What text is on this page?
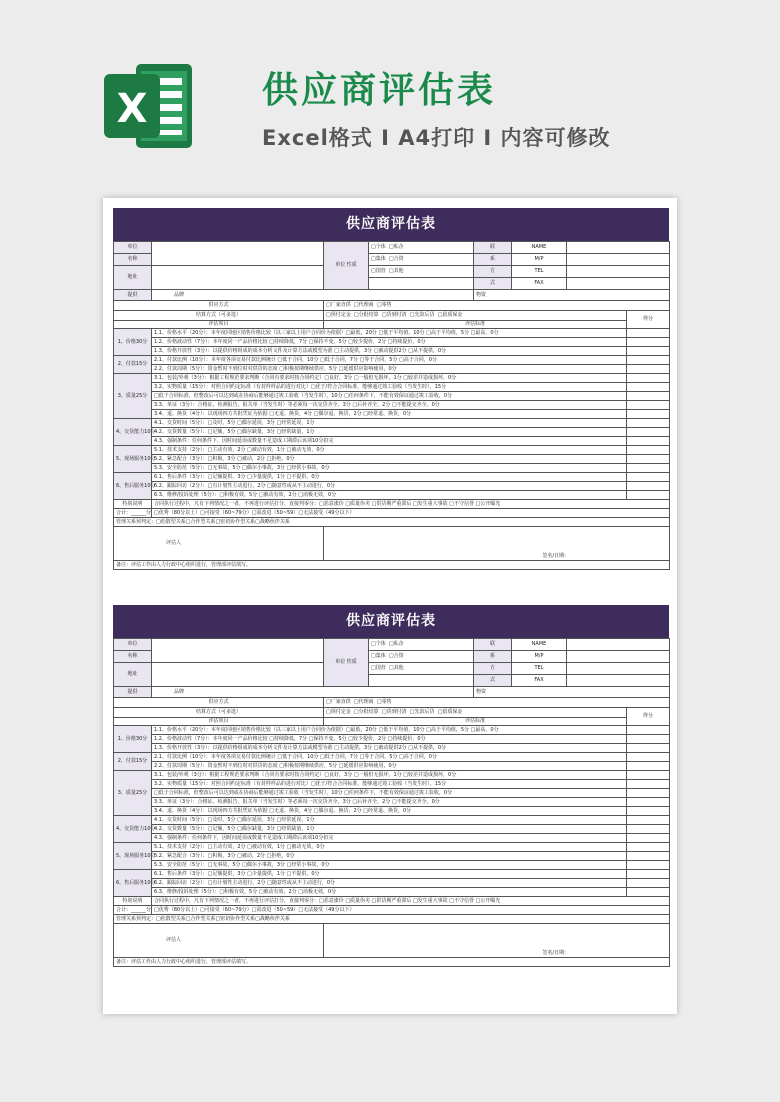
X	供应商评估表
Excel格式 I A4打印 I 内容可修改
供应商评估表
单位		单位 性质	□个体 □私企	联	NAME		
名称			□集体 □合资	系	M/P		
地址			□国营 □其他	方	TEL		
				式	FAX		
提供	品牌			物资			
供应方式		□厂家直供 □代理商 □零售					
结算方式（可多选）		□预付定金 □分批结算 □货到付清 □先款后货 □留质保金					得分
评估项目		评估标准					
1、价格30分	1.1、价格水平（20分）：本年度同地区销售价格比较（以三家以上用户合同价为依据）□最低，20分 □低于平均值，10分 □高于平均值，5分 □最高，0分						
	1.2、价格波动性（7分）：本年度同一产品价格比较 □持续降低，7分 □保持不变，5分 □较少提价，2分 □持续提价，0分						
	1.3、价格开放性（3分）：以提供价格组成的成本分析文件及计算方法或模型为准 □主动提供，3分 □被动提供2分 □从不提供，0分						
2、付款15分	2.1、付款比例（10分）：本年度各项交易付款比例统计 □低于合同，10分 □低于合同，7分 □等于合同，5分 □高于合同，0分						
	2.2、付款周期（5分）：资金暂时不到位时对供货的态度 □积极按期继续供应，5分 □延缓供应影响使用，0分						
3、质量25分	3.1、包装/外观（3分）：根据工程规范要求判断（合同有要求时按合同约定）□良好，3分 □一般但无损坏，1分 □较差并造成损坏，0分						
	3.2、实物质量（15分）：对照合同约定标准（有封样样品的进行对比）□优于/符合合同标准，能够通过竣工验收（当发生时），15分						
	□低于合同标准，但整改后可以达到或在协商后能够通过竣工验收（当发生时），10分 □任何条件下，不能有效保证通过竣工验收，0分						
	3.3、单证（3分）：合格证、检测报告、报关单（当发生时）等必须每一次交货齐全，3分 □后补齐全，2分 □不能提交齐全，0分						
	3.4、退、换货（4分）：以现场四方共批凭证为依据 □无退、换货，4分 □偶尔退、换货，2分 □经常退、换货，0分						
4、交货能力10分	4.1、交货时间（5分）：□及时，5分 □偶尔延误，3分 □经常延误，1分						
	4.2、交货数量（5分）：□足额，5分 □偶尔缺量，3分 □经常缺量，1分						
	4.3、强制条件：任何条件下，因时间延误或数量不足造成工期滞后该项10分扣完						
5、现场服务10分	5.1、技术支持（2分）：□主动有效，2分 □被动有效，1分 □被动无效，0分						
	5.2、紧急配合（3分）：□积极，3分 □被动，2分 □拒绝，0分						
	5.3、安全防范（5分）：□无事故，5分 □偶尔小事故，3分 □经常小事故，0分						
6、售后服务10分	6.1、售后条件（3分）：□足额提供，3分 □少量提供，1分 □不提供，0分						
	6.2、跟踪回访（2分）：□有计划性主动进行，2分 □随意性或从不主动进行，0分						
	6.3、维修/投诉处理（5分）：□积极有效，5分 □被动有效，2分 □消极无效，0分						
特别说明	合同执行过程中，凡有下列情况之一者，不再进行评估打分，直接判零分：□恶意涨价 □质量伪劣 □供货期严重滞后 □发生重大事故 □不守信誉 □公开曝光						
合计：______分	□优秀（80分以上）□可接受（60~79分）□需改进（50~59）□无法接受（49分以下）						
管理关系预判定：□松散型关系□合作型关系□密切协作型关系□战略伙伴关系							
评估人		签名/日期：					
备注：评估工作由人力行政中心组织进行，管理部评估填写。							
供应商评估表
单位		单位 性质	□个体 □私企	联	NAME		
名称			□集体 □合资	系	M/P		
地址			□国营 □其他	方	TEL		
				式	FAX		
提供	品牌			物资			
供应方式		□厂家直供 □代理商 □零售					
结算方式（可多选）		□预付定金 □分批结算 □货到付清 □先款后货 □留质保金					得分
评估项目		评估标准					
1、价格30分	1.1、价格水平（20分）：本年度同地区销售价格比较（以三家以上用户合同价为依据）□最低，20分 □低于平均值，10分 □高于平均值，5分 □最高，0分						
	1.2、价格波动性（7分）：本年度同一产品价格比较 □持续降低，7分 □保持不变，5分 □较少提价，2分 □持续提价，0分						
	1.3、价格开放性（3分）：以提供价格组成的成本分析文件及计算方法或模型为准 □主动提供，3分 □被动提供2分 □从不提供，0分						
2、付款15分	2.1、付款比例（10分）：本年度各项交易付款比例统计 □低于合同，10分 □低于合同，7分 □等于合同，5分 □高于合同，0分						
	2.2、付款周期（5分）：资金暂时不到位时对供货的态度 □积极按期继续供应，5分 □延缓供应影响使用，0分						
3、质量25分	3.1、包装/外观（3分）：根据工程规范要求判断（合同有要求时按合同约定）□良好，3分 □一般但无损坏，1分 □较差并造成损坏，0分						
	3.2、实物质量（15分）：对照合同约定标准（有封样样品的进行对比）□优于/符合合同标准，能够通过竣工验收（当发生时），15分						
	□低于合同标准，但整改后可以达到或在协商后能够通过竣工验收（当发生时），10分 □任何条件下，不能有效保证通过竣工验收，0分						
	3.3、单证（3分）：合格证、检测报告、报关单（当发生时）等必须每一次交货齐全，3分 □后补齐全，2分 □不能提交齐全，0分						
	3.4、退、换货（4分）：以现场四方共批凭证为依据 □无退、换货，4分 □偶尔退、换货，2分 □经常退、换货，0分						
4、交货能力10分	4.1、交货时间（5分）：□及时，5分 □偶尔延误，3分 □经常延误，1分						
	4.2、交货数量（5分）：□足额，5分 □偶尔缺量，3分 □经常缺量，1分						
	4.3、强制条件：任何条件下，因时间延误或数量不足造成工期滞后该项10分扣完						
5、现场服务10分	5.1、技术支持（2分）：□主动有效，2分 □被动有效，1分 □被动无效，0分						
	5.2、紧急配合（3分）：□积极，3分 □被动，2分 □拒绝，0分						
	5.3、安全防范（5分）：□无事故，5分 □偶尔小事故，3分 □经常小事故，0分						
6、售后服务10分	6.1、售后条件（3分）：□足额提供，3分 □少量提供，1分 □不提供，0分						
	6.2、跟踪回访（2分）：□有计划性主动进行，2分 □随意性或从不主动进行，0分						
	6.3、维修/投诉处理（5分）：□积极有效，5分 □被动有效，2分 □消极无效，0分						
特别说明	合同执行过程中，凡有下列情况之一者，不再进行评估打分，直接判零分：□恶意涨价 □质量伪劣 □供货期严重滞后 □发生重大事故 □不守信誉 □公开曝光						
合计：______分	□优秀（80分以上）□可接受（60~79分）□需改进（50~59）□无法接受（49分以下）						
管理关系预判定：□松散型关系□合作型关系□密切协作型关系□战略伙伴关系							
评估人		签名/日期：					
备注：评估工作由人力行政中心组织进行，管理部评估填写。							
